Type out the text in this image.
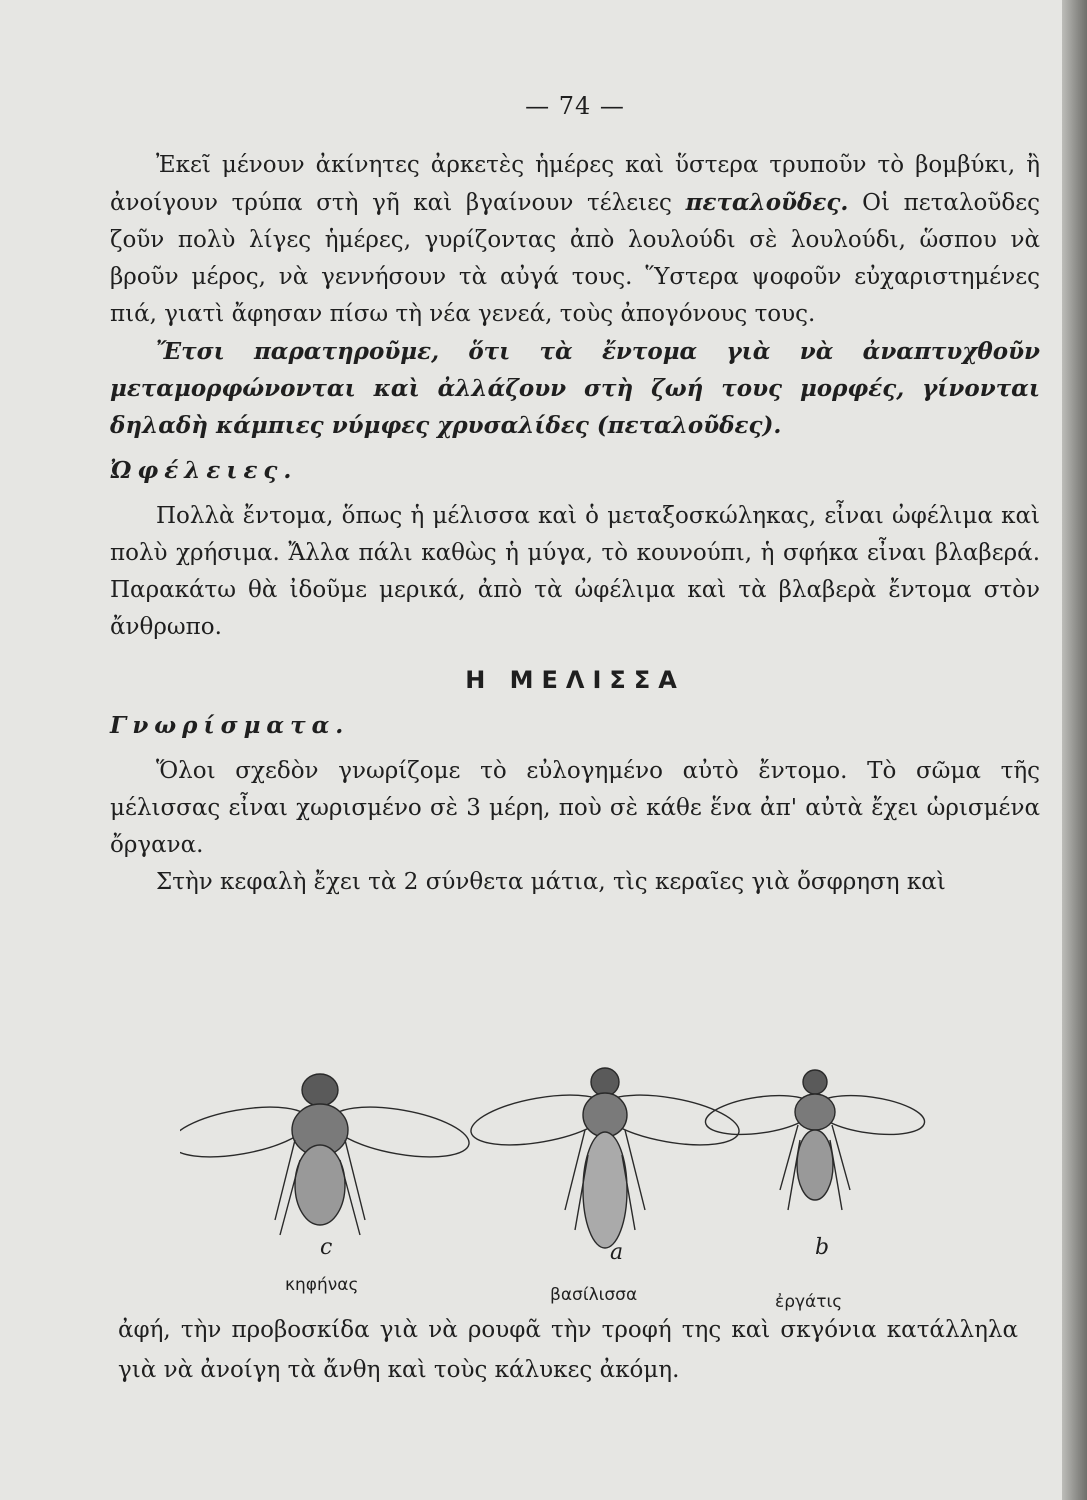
— 74 —

Ἐκεῖ μένουν ἀκίνητες ἀρκετὲς ἡμέρες καὶ ὕστερα τρυποῦν τὸ βομβύκι, ἢ ἀνοίγουν τρύπα στὴ γῆ καὶ βγαίνουν τέλειες πεταλοῦδες. Οἱ πεταλοῦδες ζοῦν πολὺ λίγες ἡμέρες, γυρίζοντας ἀπὸ λουλούδι σὲ λουλούδι, ὥσπου νὰ βροῦν μέρος, νὰ γεννήσουν τὰ αὐγά τους. Ὕστερα ψοφοῦν εὐχαριστημένες πιά, γιατὶ ἄφησαν πίσω τὴ νέα γενεά, τοὺς ἀπογόνους τους.

Ἔτσι παρατηροῦμε, ὅτι τὰ ἔντομα γιὰ νὰ ἀναπτυχθοῦν μεταμορφώνονται καὶ ἀλλάζουν στὴ ζωή τους μορφές, γίνονται δηλαδὴ κάμπιες νύμφες χρυσαλίδες (πεταλοῦδες).

Ὠφέλειες.

Πολλὰ ἔντομα, ὅπως ἡ μέλισσα καὶ ὁ μεταξοσκώληκας, εἶναι ὠφέλιμα καὶ πολὺ χρήσιμα. Ἄλλα πάλι καθὼς ἡ μύγα, τὸ κουνούπι, ἡ σφήκα εἶναι βλαβερά. Παρακάτω θὰ ἰδοῦμε μερικά, ἀπὸ τὰ ὠφέλιμα καὶ τὰ βλαβερὰ ἔντομα στὸν ἄνθρωπο.

Η ΜΕΛΙΣΣΑ

Γνωρίσματα.

Ὅλοι σχεδὸν γνωρίζομε τὸ εὐλογημένο αὐτὸ ἔντομο. Τὸ σῶμα τῆς μέλισσας εἶναι χωρισμένο σὲ 3 μέρη, ποὺ σὲ κάθε ἕνα ἀπ' αὐτὰ ἔχει ὡρισμένα ὄργανα.

Στὴν κεφαλὴ ἔχει τὰ 2 σύνθετα μάτια, τὶς κεραῖες γιὰ ὄσφρηση καὶ

c
κηφήνας
a
βασίλισσα
b
ἐργάτις

ἀφή, τὴν προβοσκίδα γιὰ νὰ ρουφᾶ τὴν τροφή της καὶ σκγόνια κατάλληλα γιὰ νὰ ἀνοίγη τὰ ἄνθη καὶ τοὺς κάλυκες ἀκόμη.
